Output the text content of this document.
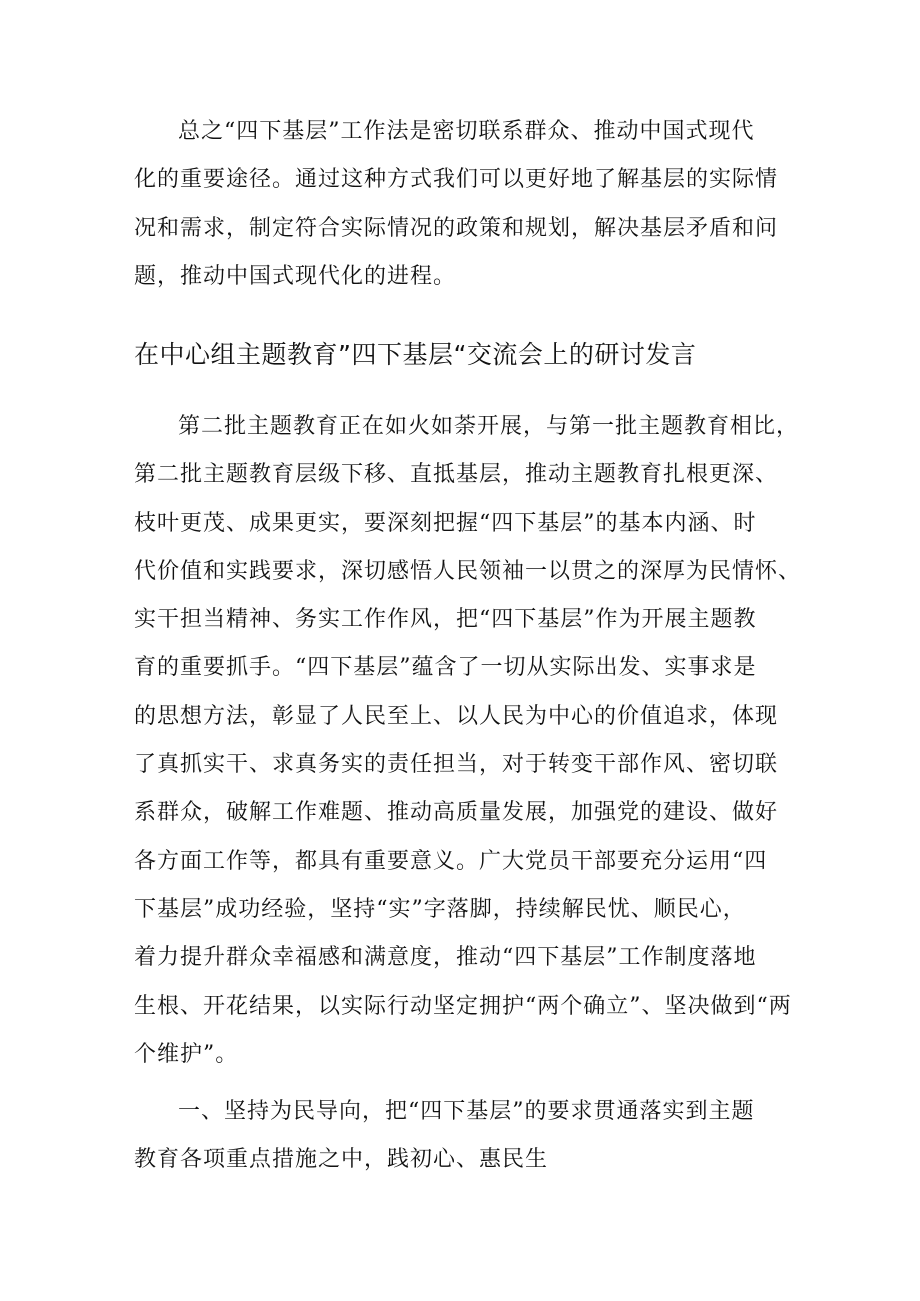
总之“四下基层”工作法是密切联系群众、推动中国式现代
化的重要途径。通过这种方式我们可以更好地了解基层的实际情
况和需求，制定符合实际情况的政策和规划，解决基层矛盾和问
题，推动中国式现代化的进程。
在中心组主题教育”四下基层“交流会上的研讨发言
第二批主题教育正在如火如荼开展，与第一批主题教育相比，
第二批主题教育层级下移、直抵基层，推动主题教育扎根更深、
枝叶更茂、成果更实，要深刻把握“四下基层”的基本内涵、时
代价值和实践要求，深切感悟人民领袖一以贯之的深厚为民情怀、
实干担当精神、务实工作作风，把“四下基层”作为开展主题教
育的重要抓手。“四下基层”蕴含了一切从实际出发、实事求是
的思想方法，彰显了人民至上、以人民为中心的价值追求，体现
了真抓实干、求真务实的责任担当，对于转变干部作风、密切联
系群众，破解工作难题、推动高质量发展，加强党的建设、做好
各方面工作等，都具有重要意义。广大党员干部要充分运用“四
下基层”成功经验，坚持“实”字落脚，持续解民忧、顺民心，
着力提升群众幸福感和满意度，推动“四下基层”工作制度落地
生根、开花结果，以实际行动坚定拥护“两个确立”、坚决做到“两
个维护”。
一、坚持为民导向，把“四下基层”的要求贯通落实到主题
教育各项重点措施之中，践初心、惠民生
